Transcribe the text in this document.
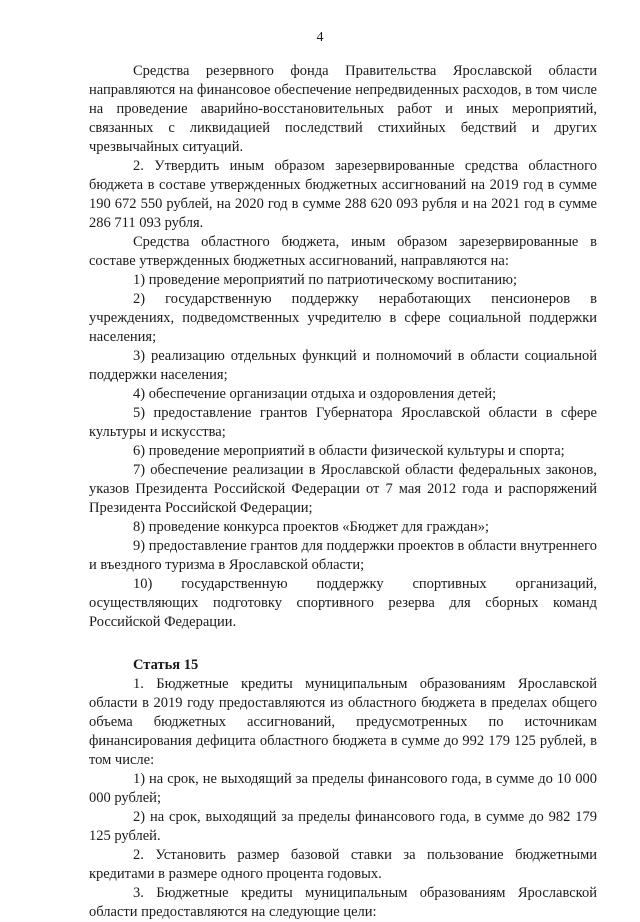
4

Средства резервного фонда Правительства Ярославской области направляются на финансовое обеспечение непредвиденных расходов, в том числе на проведение аварийно-восстановительных работ и иных мероприятий, связанных с ликвидацией последствий стихийных бедствий и других чрезвычайных ситуаций.

2. Утвердить иным образом зарезервированные средства областного бюджета в составе утвержденных бюджетных ассигнований на 2019 год в сумме 190 672 550 рублей, на 2020 год в сумме 288 620 093 рубля и на 2021 год в сумме 286 711 093 рубля.

Средства областного бюджета, иным образом зарезервированные в составе утвержденных бюджетных ассигнований, направляются на:

1) проведение мероприятий по патриотическому воспитанию;

2) государственную поддержку неработающих пенсионеров в учреждениях, подведомственных учредителю в сфере социальной поддержки населения;

3) реализацию отдельных функций и полномочий в области социальной поддержки населения;

4) обеспечение организации отдыха и оздоровления детей;

5) предоставление грантов Губернатора Ярославской области в сфере культуры и искусства;

6) проведение мероприятий в области физической культуры и спорта;

7) обеспечение реализации в Ярославской области федеральных законов, указов Президента Российской Федерации от 7 мая 2012 года и распоряжений Президента Российской Федерации;

8) проведение конкурса проектов «Бюджет для граждан»;

9) предоставление грантов для поддержки проектов в области внутреннего и въездного туризма в Ярославской области;

10) государственную поддержку спортивных организаций, осуществляющих подготовку спортивного резерва для сборных команд Российской Федерации.

Статья 15

1. Бюджетные кредиты муниципальным образованиям Ярославской области в 2019 году предоставляются из областного бюджета в пределах общего объема бюджетных ассигнований, предусмотренных по источникам финансирования дефицита областного бюджета в сумме до 992 179 125 рублей, в том числе:

1) на срок, не выходящий за пределы финансового года, в сумме до 10 000 000 рублей;

2) на срок, выходящий за пределы финансового года, в сумме до 982 179 125 рублей.

2. Установить размер базовой ставки за пользование бюджетными кредитами в размере одного процента годовых.

3. Бюджетные кредиты муниципальным образованиям Ярославской области предоставляются на следующие цели:
